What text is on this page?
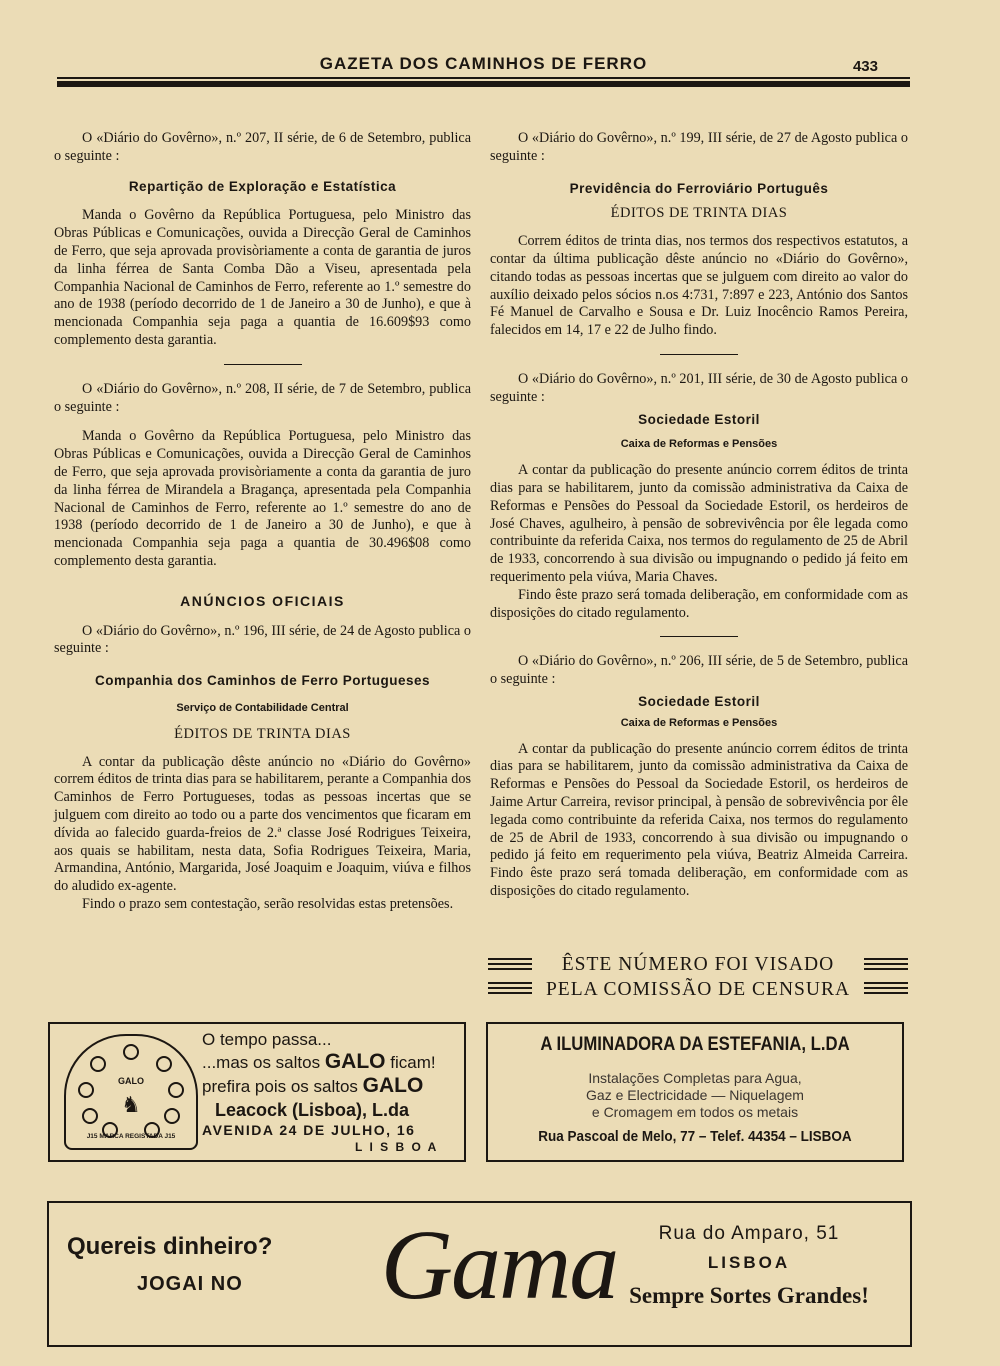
GAZETA DOS CAMINHOS DE FERRO	433

O «Diário do Govêrno», n.º 207, II série, de 6 de Setembro, publica o seguinte :

Repartição de Exploração e Estatística

Manda o Govêrno da República Portuguesa, pelo Ministro das Obras Públicas e Comunicações, ouvida a Direcção Geral de Caminhos de Ferro, que seja aprovada provisòriamente a conta de garantia de juros da linha férrea de Santa Comba Dão a Viseu, apresentada pela Companhia Nacional de Caminhos de Ferro, referente ao 1.º semestre do ano de 1938 (período decorrido de 1 de Janeiro a 30 de Junho), e que à mencionada Companhia seja paga a quantia de 16.609$93 como complemento desta garantia.

O «Diário do Govêrno», n.º 208, II série, de 7 de Setembro, publica o seguinte :

Manda o Govêrno da República Portuguesa, pelo Ministro das Obras Públicas e Comunicações, ouvida a Direcção Geral de Caminhos de Ferro, que seja aprovada provisòriamente a conta da garantia de juro da linha férrea de Mirandela a Bragança, apresentada pela Companhia Nacional de Caminhos de Ferro, referente ao 1.º semestre do ano de 1938 (período decorrido de 1 de Janeiro a 30 de Junho), e que à mencionada Companhia seja paga a quantia de 30.496$08 como complemento desta garantia.

ANÚNCIOS OFICIAIS

O «Diário do Govêrno», n.º 196, III série, de 24 de Agosto publica o seguinte :

Companhia dos Caminhos de Ferro Portugueses
Serviço de Contabilidade Central
ÉDITOS DE TRINTA DIAS

A contar da publicação dêste anúncio no «Diário do Govêrno» correm éditos de trinta dias para se habilitarem, perante a Companhia dos Caminhos de Ferro Portugueses, todas as pessoas incertas que se julguem com direito ao todo ou a parte dos vencimentos que ficaram em dívida ao falecido guarda-freios de 2.ª classe José Rodrigues Teixeira, aos quais se habilitam, nesta data, Sofia Rodrigues Teixeira, Maria, Armandina, António, Margarida, José Joaquim e Joaquim, viúva e filhos do aludido ex-agente.

Findo o prazo sem contestação, serão resolvidas estas pretensões.

O «Diário do Govêrno», n.º 199, III série, de 27 de Agosto publica o seguinte :

Previdência do Ferroviário Português
ÉDITOS DE TRINTA DIAS

Correm éditos de trinta dias, nos termos dos respectivos estatutos, a contar da última publicação dêste anúncio no «Diário do Govêrno», citando todas as pessoas incertas que se julguem com direito ao valor do auxílio deixado pelos sócios n.os 4:731, 7:897 e 223, António dos Santos Fé Manuel de Carvalho e Sousa e Dr. Luiz Inocêncio Ramos Pereira, falecidos em 14, 17 e 22 de Julho findo.

O «Diário do Govêrno», n.º 201, III série, de 30 de Agosto publica o seguinte :

Sociedade Estoril
Caixa de Reformas e Pensões

A contar da publicação do presente anúncio correm éditos de trinta dias para se habilitarem, junto da comissão administrativa da Caixa de Reformas e Pensões do Pessoal da Sociedade Estoril, os herdeiros de José Chaves, agulheiro, à pensão de sobrevivência por êle legada como contribuinte da referida Caixa, nos termos do regulamento de 25 de Abril de 1933, concorrendo à sua divisão ou impugnando o pedido já feito em requerimento pela viúva, Maria Chaves.

Findo êste prazo será tomada deliberação, em conformidade com as disposições do citado regulamento.

O «Diário do Govêrno», n.º 206, III série, de 5 de Setembro, publica o seguinte :

Sociedade Estoril
Caixa de Reformas e Pensões

A contar da publicação do presente anúncio correm éditos de trinta dias para se habilitarem, junto da comissão administrativa da Caixa de Reformas e Pensões do Pessoal da Sociedade Estoril, os herdeiros de Jaime Artur Carreira, revisor principal, à pensão de sobrevivência por êle legada como contribuinte da referida Caixa, nos termos do regulamento de 25 de Abril de 1933, concorrendo à sua divisão ou impugnando o pedido já feito em requerimento pela viúva, Beatriz Almeida Carreira. Findo êste prazo será tomada deliberação, em conformidade com as disposições do citado regulamento.

ÊSTE NÚMERO FOI VISADO
PELA COMISSÃO DE CENSURA
GALO
♞
J15 MARCA REGISTADA J15
O tempo passa...
...mas os saltos GALO ficam!
prefira pois os saltos GALO
Leacock (Lisboa), L.da
AVENIDA 24 DE JULHO, 16
L I S B O A
A ILUMINADORA DA ESTEFANIA, L.DA
Instalações Completas para Agua,
Gaz e Electricidade — Niquelagem
e Cromagem em todos os metais
Rua Pascoal de Melo, 77 – Telef. 44354 – LISBOA
Quereis dinheiro?
JOGAI NO Gama	Rua do Amparo, 51
LISBOA
Sempre Sortes Grandes!
